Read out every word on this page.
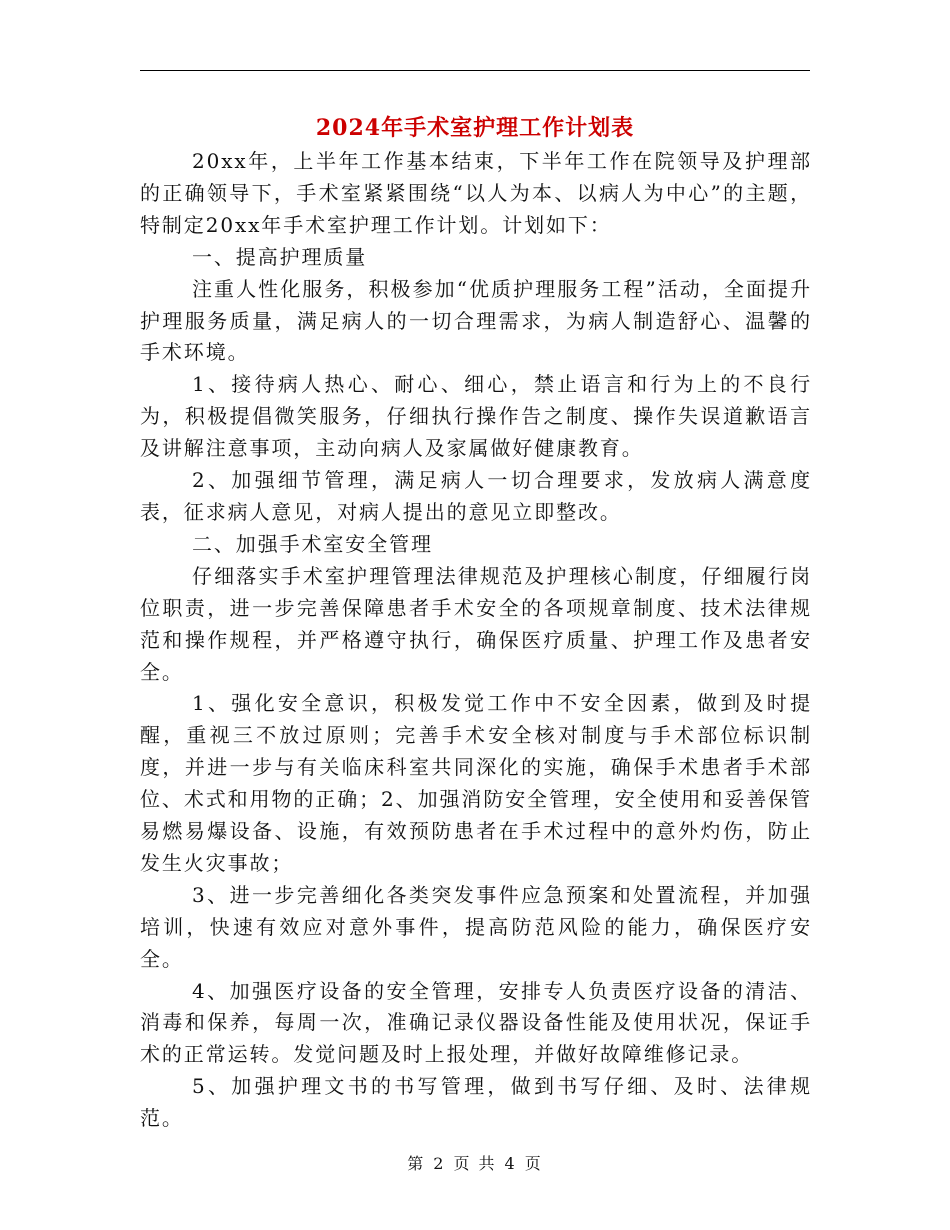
2024年手术室护理工作计划表

20xx年，上半年工作基本结束，下半年工作在院领导及护理部的正确领导下，手术室紧紧围绕“以人为本、以病人为中心”的主题，特制定20xx年手术室护理工作计划。计划如下：

一、提高护理质量

注重人性化服务，积极参加“优质护理服务工程”活动，全面提升护理服务质量，满足病人的一切合理需求，为病人制造舒心、温馨的手术环境。

1、接待病人热心、耐心、细心，禁止语言和行为上的不良行为，积极提倡微笑服务，仔细执行操作告之制度、操作失误道歉语言及讲解注意事项，主动向病人及家属做好健康教育。

2、加强细节管理，满足病人一切合理要求，发放病人满意度表，征求病人意见，对病人提出的意见立即整改。

二、加强手术室安全管理

仔细落实手术室护理管理法律规范及护理核心制度，仔细履行岗位职责，进一步完善保障患者手术安全的各项规章制度、技术法律规范和操作规程，并严格遵守执行，确保医疗质量、护理工作及患者安全。

1、强化安全意识，积极发觉工作中不安全因素，做到及时提醒，重视三不放过原则；完善手术安全核对制度与手术部位标识制度，并进一步与有关临床科室共同深化的实施，确保手术患者手术部位、术式和用物的正确；2、加强消防安全管理，安全使用和妥善保管易燃易爆设备、设施，有效预防患者在手术过程中的意外灼伤，防止发生火灾事故；

3、进一步完善细化各类突发事件应急预案和处置流程，并加强培训，快速有效应对意外事件，提高防范风险的能力，确保医疗安全。

4、加强医疗设备的安全管理，安排专人负责医疗设备的清洁、消毒和保养，每周一次，准确记录仪器设备性能及使用状况，保证手术的正常运转。发觉问题及时上报处理，并做好故障维修记录。

5、加强护理文书的书写管理，做到书写仔细、及时、法律规范。

第 2 页 共 4 页
